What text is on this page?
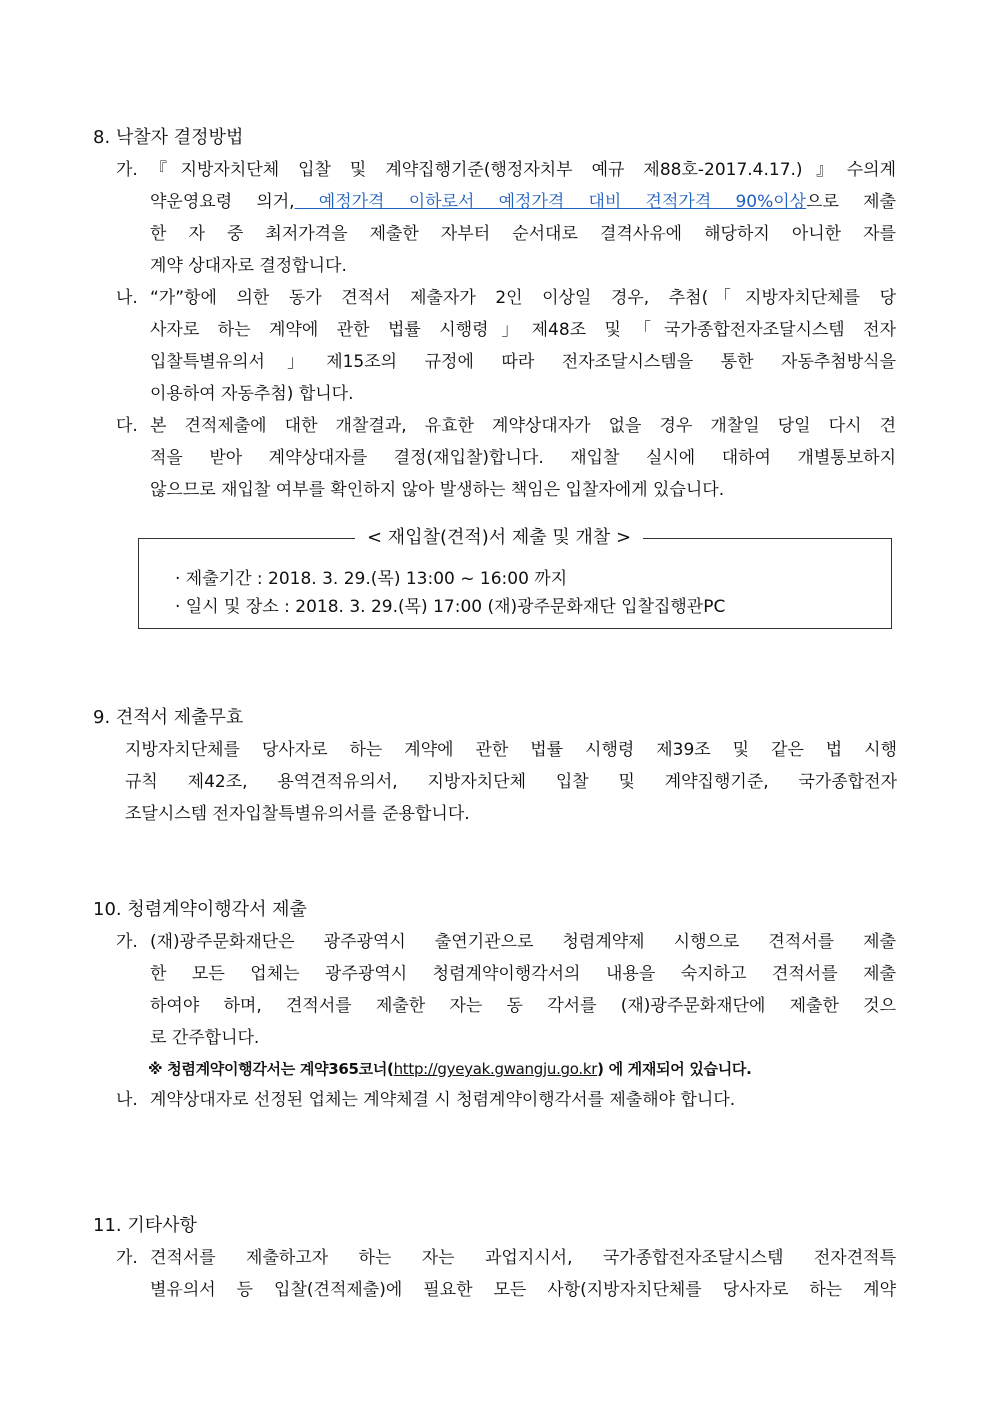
8. 낙찰자 결정방법
가. 『지방자치단체 입찰 및 계약집행기준(행정자치부 예규 제88호-2017.4.17.)』수의계
약운영요령 의거, 예정가격 이하로서 예정가격 대비 견적가격 90%이상으로 제출
한 자 중 최저가격을 제출한 자부터 순서대로 결격사유에 해당하지 아니한 자를
계약 상대자로 결정합니다.
나. “가”항에 의한 동가 견적서 제출자가 2인 이상일 경우, 추첨(「지방자치단체를 당
사자로 하는 계약에 관한 법률 시행령」제48조 및「국가종합전자조달시스템 전자
입찰특별유의서」제15조의 규정에 따라 전자조달시스템을 통한 자동추첨방식을
이용하여 자동추첨) 합니다.
다. 본 견적제출에 대한 개찰결과, 유효한 계약상대자가 없을 경우 개찰일 당일 다시 견
적을 받아 계약상대자를 결정(재입찰)합니다. 재입찰 실시에 대하여 개별통보하지
않으므로 재입찰 여부를 확인하지 않아 발생하는 책임은 입찰자에게 있습니다.
< 재입찰(견적)서 제출 및 개찰 >
· 제출기간 : 2018. 3. 29.(목) 13:00 ~ 16:00 까지
· 일시 및 장소 : 2018. 3. 29.(목) 17:00 (재)광주문화재단 입찰집행관PC
9. 견적서 제출무효
지방자치단체를 당사자로 하는 계약에 관한 법률 시행령 제39조 및 같은 법 시행
규칙 제42조, 용역견적유의서, 지방자치단체 입찰 및 계약집행기준, 국가종합전자
조달시스템 전자입찰특별유의서를 준용합니다.
10. 청렴계약이행각서 제출
가. (재)광주문화재단은 광주광역시 출연기관으로 청렴계약제 시행으로 견적서를 제출
한 모든 업체는 광주광역시 청렴계약이행각서의 내용을 숙지하고 견적서를 제출
하여야 하며, 견적서를 제출한 자는 동 각서를 (재)광주문화재단에 제출한 것으
로 간주합니다.
※ 청렴계약이행각서는 계약365코너(http://gyeyak.gwangju.go.kr) 에 게재되어 있습니다.
나. 계약상대자로 선정된 업체는 계약체결 시 청렴계약이행각서를 제출해야 합니다.
11. 기타사항
가. 견적서를 제출하고자 하는 자는 과업지시서, 국가종합전자조달시스템 전자견적특
별유의서 등 입찰(견적제출)에 필요한 모든 사항(지방자치단체를 당사자로 하는 계약
